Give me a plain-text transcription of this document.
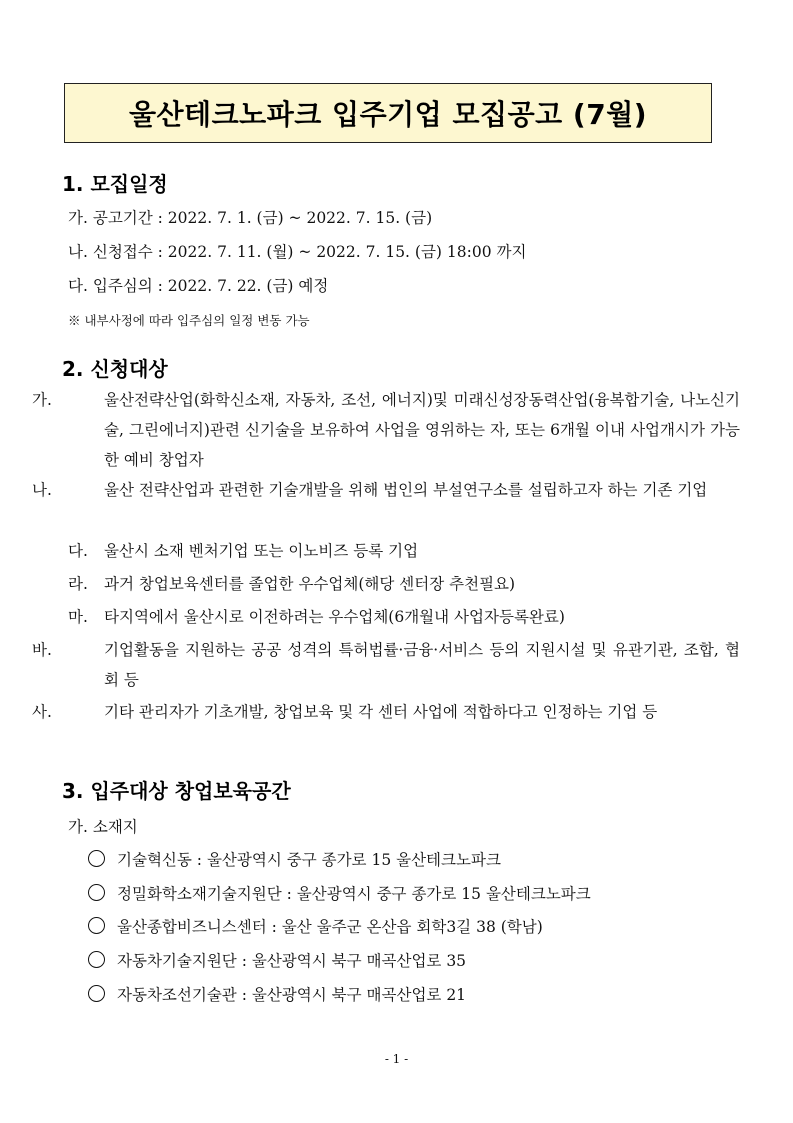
울산테크노파크 입주기업 모집공고 (7월)
1. 모집일정
가. 공고기간 : 2022. 7. 1. (금) ~ 2022. 7. 15. (금)
나. 신청접수 : 2022. 7. 11. (월) ~ 2022. 7. 15. (금) 18:00 까지
다. 입주심의 : 2022. 7. 22. (금) 예정
※ 내부사정에 따라 입주심의 일정 변동 가능
2. 신청대상
가.	울산전략산업(화학신소재, 자동차, 조선, 에너지)및 미래신성장동력산업(융복합기술, 나노신기술, 그린에너지)관련 신기술을 보유하여 사업을 영위하는 자, 또는 6개월 이내 사업개시가 가능한 예비 창업자
나.	울산 전략산업과 관련한 기술개발을 위해 법인의 부설연구소를 설립하고자 하는 기존 기업
다. 울산시 소재 벤처기업 또는 이노비즈 등록 기업
라. 과거 창업보육센터를 졸업한 우수업체(해당 센터장 추천필요)
마. 타지역에서 울산시로 이전하려는 우수업체(6개월내 사업자등록완료)
바.	기업활동을 지원하는 공공 성격의 특허법률·금융·서비스 등의 지원시설 및 유관기관, 조합, 협회 등
사.	기타 관리자가 기초개발, 창업보육 및 각 센터 사업에 적합하다고 인정하는 기업 등
3. 입주대상 창업보육공간
가. 소재지
기술혁신동 : 울산광역시 중구 종가로 15 울산테크노파크
정밀화학소재기술지원단 : 울산광역시 중구 종가로 15 울산테크노파크
울산종합비즈니스센터 : 울산 울주군 온산읍 회학3길 38 (학남)
자동차기술지원단 : 울산광역시 북구 매곡산업로 35
자동차조선기술관 : 울산광역시 북구 매곡산업로 21
- 1 -
